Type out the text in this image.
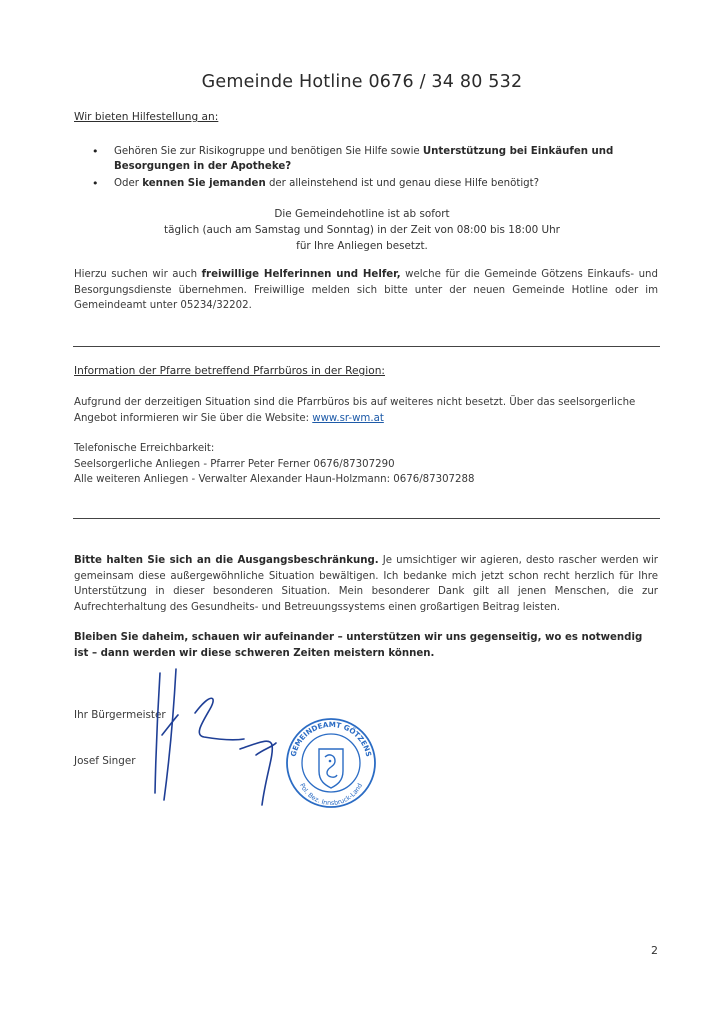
Gemeinde Hotline 0676 / 34 80 532
Wir bieten Hilfestellung an:
• Gehören Sie zur Risikogruppe und benötigen Sie Hilfe sowie Unterstützung bei Einkäufen und Besorgungen in der Apotheke?
• Oder kennen Sie jemanden der alleinstehend ist und genau diese Hilfe benötigt?
Die Gemeindehotline ist ab sofort
täglich (auch am Samstag und Sonntag) in der Zeit von 08:00 bis 18:00 Uhr
für Ihre Anliegen besetzt.
Hierzu suchen wir auch freiwillige Helferinnen und Helfer, welche für die Gemeinde Götzens Einkaufs- und Besorgungsdienste übernehmen. Freiwillige melden sich bitte unter der neuen Gemeinde Hotline oder im Gemeindeamt unter 05234/32202.
Information der Pfarre betreffend Pfarrbüros in der Region:
Aufgrund der derzeitigen Situation sind die Pfarrbüros bis auf weiteres nicht besetzt. Über das seelsorgerliche Angebot informieren wir Sie über die Website: www.sr-wm.at
Telefonische Erreichbarkeit:
Seelsorgerliche Anliegen - Pfarrer Peter Ferner 0676/87307290
Alle weiteren Anliegen - Verwalter Alexander Haun-Holzmann: 0676/87307288
Bitte halten Sie sich an die Ausgangsbeschränkung. Je umsichtiger wir agieren, desto rascher werden wir gemeinsam diese außergewöhnliche Situation bewältigen. Ich bedanke mich jetzt schon recht herzlich für Ihre Unterstützung in dieser besonderen Situation. Mein besonderer Dank gilt all jenen Menschen, die zur Aufrechterhaltung des Gesundheits- und Betreuungssystems einen großartigen Beitrag leisten.
Bleiben Sie daheim, schauen wir aufeinander – unterstützen wir uns gegenseitig, wo es notwendig ist – dann werden wir diese schweren Zeiten meistern können.
Ihr Bürgermeister
Josef Singer
GEMEINDEAMT GÖTZENS
Pol. Bez. Innsbruck-Land
2
